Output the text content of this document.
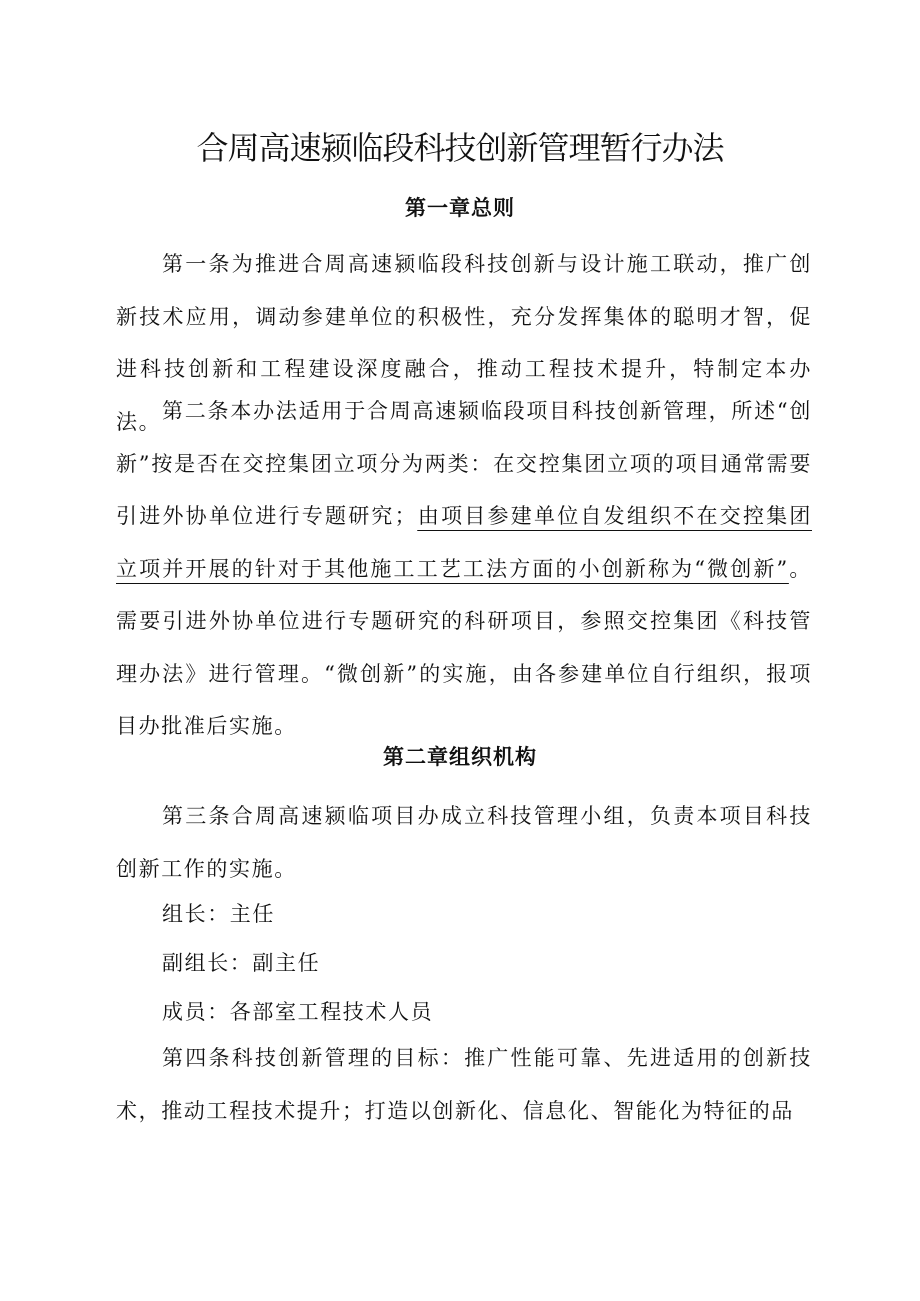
合周高速颍临段科技创新管理暂行办法
第一章总则

第一条为推进合周高速颍临段科技创新与设计施工联动，推广创新技术应用，调动参建单位的积极性，充分发挥集体的聪明才智，促进科技创新和工程建设深度融合，推动工程技术提升，特制定本办法。 第二条本办法适用于合周高速颍临段项目科技创新管理，所述“创新”按是否在交控集团立项分为两类：在交控集团立项的项目通常需要引进外协单位进行专题研究；由项目参建单位自发组织不在交控集团立项并开展的针对于其他施工工艺工法方面的小创新称为“微创新”。需要引进外协单位进行专题研究的科研项目，参照交控集团《科技管理办法》进行管理。“微创新”的实施，由各参建单位自行组织，报项目办批准后实施。

第二章组织机构

第三条合周高速颍临项目办成立科技管理小组，负责本项目科技创新工作的实施。

组长：主任

副组长：副主任

成员：各部室工程技术人员

第四条科技创新管理的目标：推广性能可靠、先进适用的创新技术，推动工程技术提升；打造以创新化、信息化、智能化为特征的品
